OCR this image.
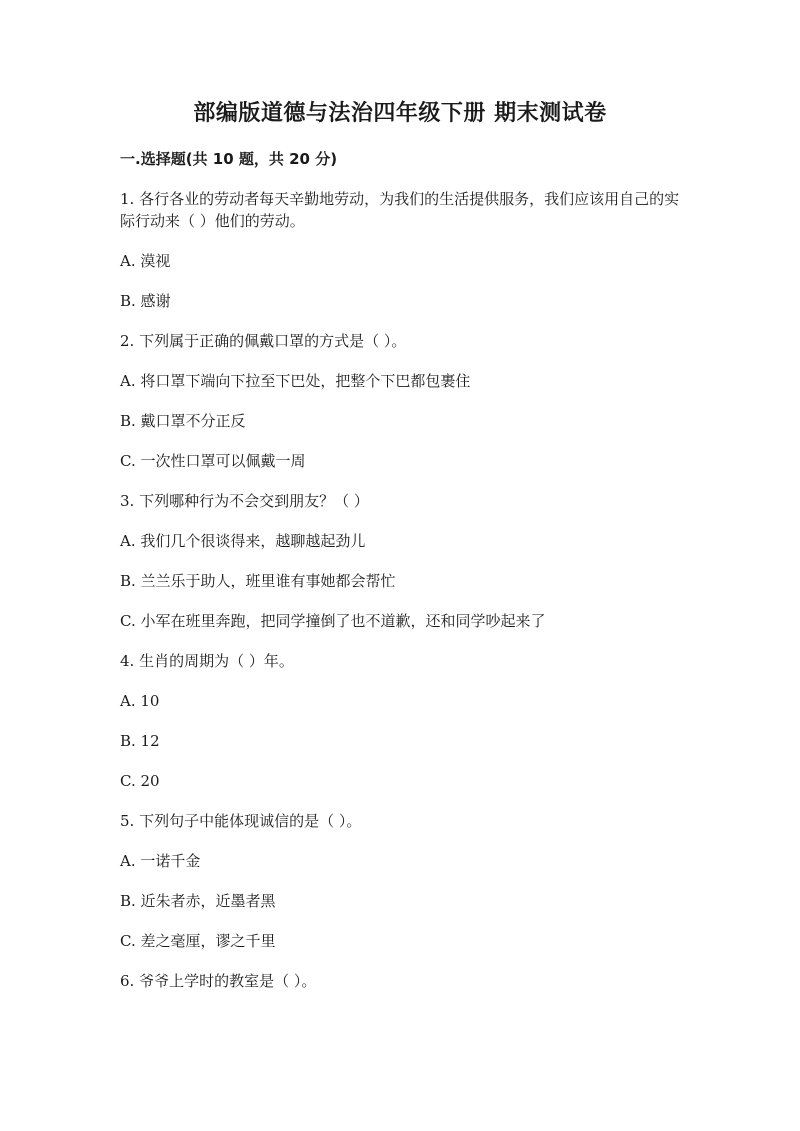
部编版道德与法治四年级下册 期末测试卷
一.选择题(共 10 题，共 20 分)
1. 各行各业的劳动者每天辛勤地劳动，为我们的生活提供服务，我们应该用自己的实际行动来（ ）他们的劳动。
A. 漠视
B. 感谢
2. 下列属于正确的佩戴口罩的方式是（ ）。
A. 将口罩下端向下拉至下巴处，把整个下巴都包裹住
B. 戴口罩不分正反
C. 一次性口罩可以佩戴一周
3. 下列哪种行为不会交到朋友？（ ）
A. 我们几个很谈得来，越聊越起劲儿
B. 兰兰乐于助人，班里谁有事她都会帮忙
C. 小军在班里奔跑，把同学撞倒了也不道歉，还和同学吵起来了
4. 生肖的周期为（ ）年。
A. 10
B. 12
C. 20
5. 下列句子中能体现诚信的是（ ）。
A. 一诺千金
B. 近朱者赤，近墨者黑
C. 差之毫厘，谬之千里
6. 爷爷上学时的教室是（ ）。
